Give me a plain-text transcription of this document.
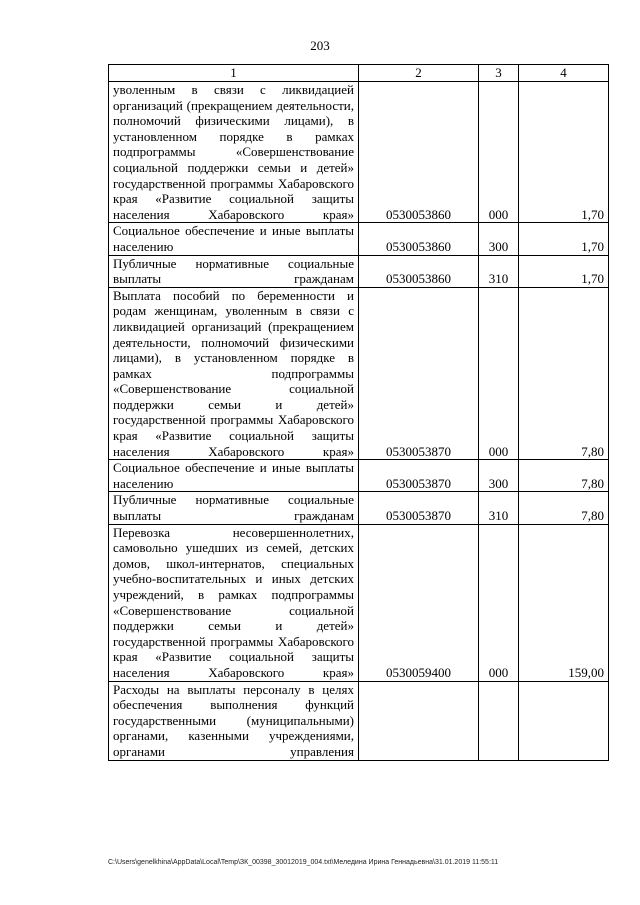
203
1	2	3	4
увoленным в связи с ликвидацией организаций (прекращением деятельности, полномочий физическими лицами), в установленном порядке в рамках подпрограммы «Совершенствование социальной поддержки семьи и детей» государственной программы Хабаровского края «Развитие социальной защиты населения Хабаровского края»	0530053860	000	1,70
Социальное обеспечение и иные выплаты населению	0530053860	300	1,70
Публичные нормативные социальные выплаты гражданам	0530053860	310	1,70
Выплата пособий по беременности и родам женщинам, уволенным в связи с ликвидацией организаций (прекращением деятельности, полномочий физическими лицами), в установленном порядке в рамках подпрограммы «Совершенствование социальной поддержки семьи и детей» государственной программы Хабаровского края «Развитие социальной защиты населения Хабаровского края»	0530053870	000	7,80
Социальное обеспечение и иные выплаты населению	0530053870	300	7,80
Публичные нормативные социальные выплаты гражданам	0530053870	310	7,80
Перевозка несовершеннолетних, самовольно ушедших из семей, детских домов, школ-интернатов, специальных учебно-воспитательных и иных детских учреждений, в рамках подпрограммы «Совершенствование социальной поддержки семьи и детей» государственной программы Хабаровского края «Развитие социальной защиты населения Хабаровского края»	0530059400	000	159,00
Расходы на выплаты персоналу в целях обеспечения выполнения функций государственными (муниципальными) органами, казенными учреждениями, органами управления			
C:\Users\genelkhina\AppData\Local\Temp\ЗК_00398_30012019_004.txt\Меледина Ирина Геннадьевна\31.01.2019 11:55:11
